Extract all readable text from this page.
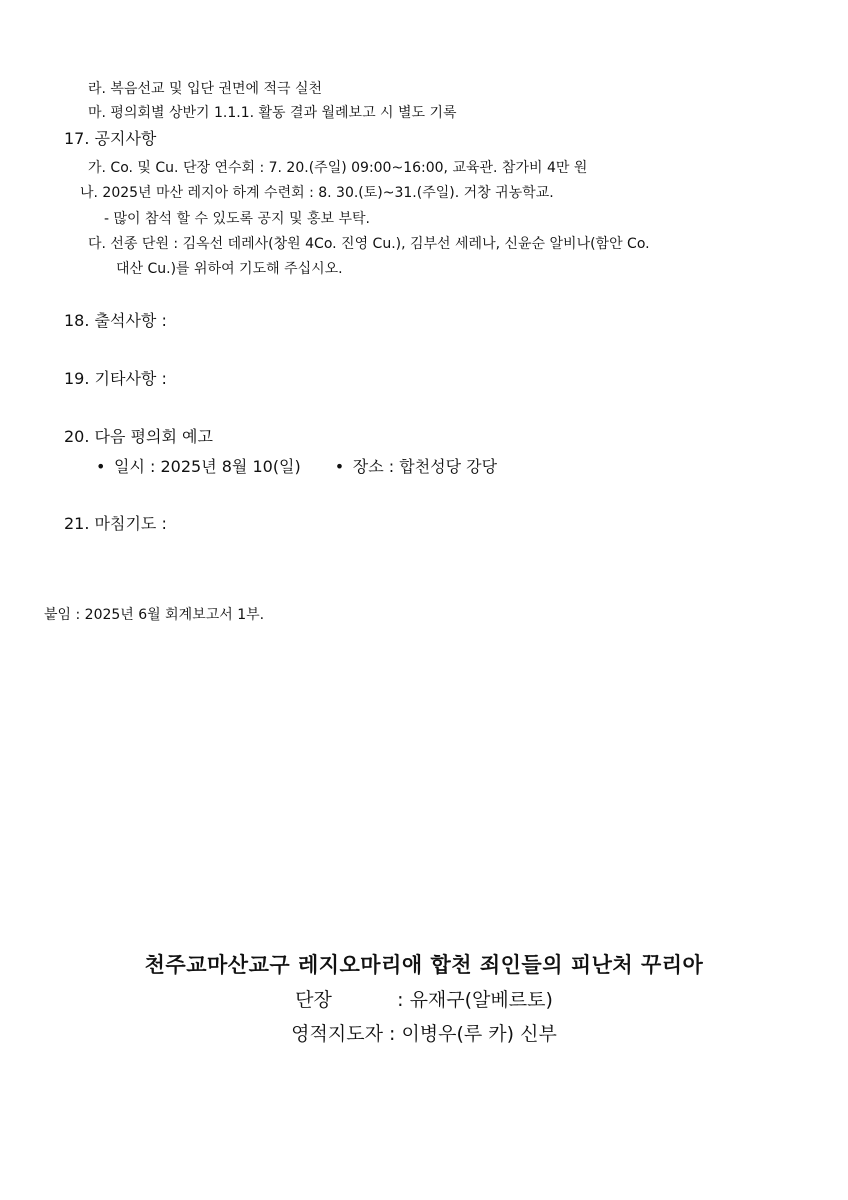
라. 복음선교 및 입단 권면에 적극 실천
마. 평의회별 상반기 1.1.1. 활동 결과 월례보고 시 별도 기록
17. 공지사항
가. Co. 및 Cu. 단장 연수회 : 7. 20.(주일) 09:00~16:00, 교육관. 참가비 4만 원
나. 2025년 마산 레지아 하계 수련회 : 8. 30.(토)~31.(주일). 거창 귀농학교.
- 많이 참석 할 수 있도록 공지 및 홍보 부탁.
다. 선종 단원 : 김옥선 데레사(창원 4Co. 진영 Cu.), 김부선 세레나, 신윤순 알비나(함안 Co.
대산 Cu.)를 위하여 기도해 주십시오.
18. 출석사항 :
19. 기타사항 :
20. 다음 평의회 예고
• 일시 : 2025년 8월 10(일) • 장소 : 합천성당 강당
21. 마침기도 :
붙임 : 2025년 6월 회계보고서 1부.
천주교마산교구 레지오마리애 합천 죄인들의 피난처 꾸리아
단장	: 유재구(알베르토)
영적지도자 : 이병우(루 카) 신부
